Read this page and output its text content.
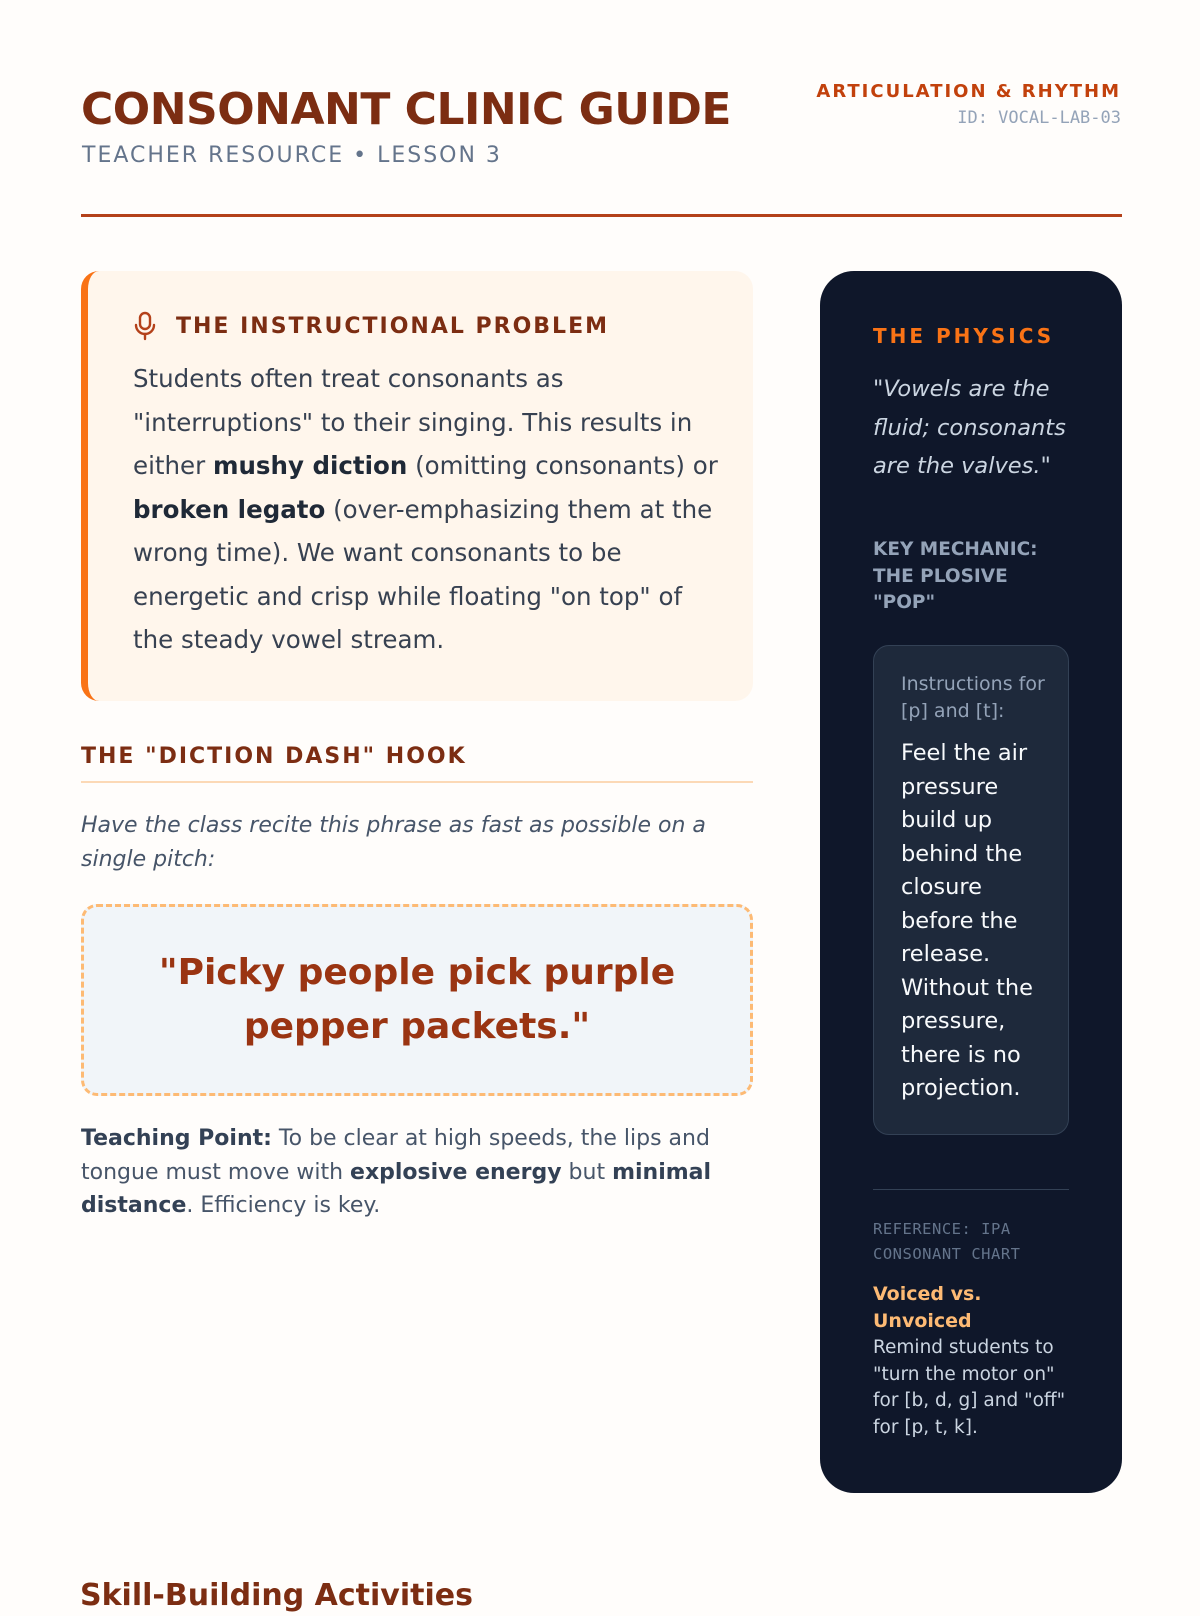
CONSONANT CLINIC GUIDE
TEACHER RESOURCE • LESSON 3
ARTICULATION & RHYTHM
ID: VOCAL-LAB-03
THE INSTRUCTIONAL PROBLEM

Students often treat consonants as "interruptions" to their singing. This results in either mushy diction (omitting consonants) or broken legato (over-emphasizing them at the wrong time). We want consonants to be energetic and crisp while floating "on top" of the steady vowel stream.

THE "DICTION DASH" HOOK

Have the class recite this phrase as fast as possible on a single pitch:

"Picky people pick purple pepper packets."

Teaching Point: To be clear at high speeds, the lips and tongue must move with explosive energy but minimal distance. Efficiency is key.

THE PHYSICS

"Vowels are the fluid; consonants are the valves."

KEY MECHANIC: THE PLOSIVE "POP"
Instructions for [p] and [t]:

Feel the air pressure build up behind the closure before the release. Without the pressure, there is no projection.

REFERENCE: IPA CONSONANT CHART
Voiced vs. Unvoiced

Remind students to "turn the motor on" for [b, d, g] and "off" for [p, t, k].

Skill-Building Activities
